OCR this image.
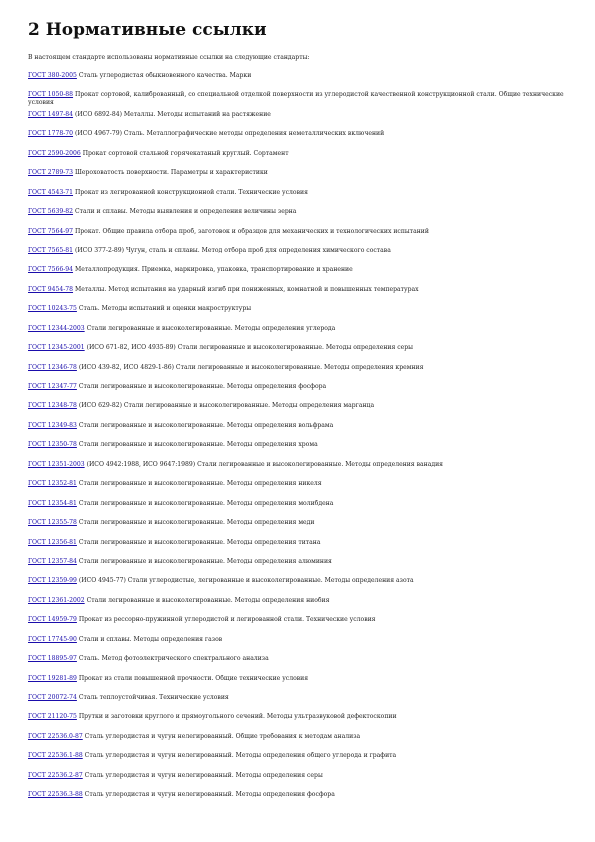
2 Нормативные ссылки

В настоящем стандарте использованы нормативные ссылки на следующие стандарты:

ГОСТ 380-2005 Сталь углеродистая обыкновенного качества. Марки
ГОСТ 1050-88 Прокат сортовой, калиброванный, со специальной отделкой поверхности из углеродистой качественной конструкционной стали. Общие технические условия
ГОСТ 1497-84 (ИСО 6892-84) Металлы. Методы испытаний на растяжение
ГОСТ 1778-70 (ИСО 4967-79) Сталь. Металлографические методы определения неметаллических включений
ГОСТ 2590-2006 Прокат сортовой стальной горячекатаный круглый. Сортамент
ГОСТ 2789-73 Шероховатость поверхности. Параметры и характеристики
ГОСТ 4543-71 Прокат из легированной конструкционной стали. Технические условия
ГОСТ 5639-82 Стали и сплавы. Методы выявления и определения величины зерна
ГОСТ 7564-97 Прокат. Общие правила отбора проб, заготовок и образцов для механических и технологических испытаний
ГОСТ 7565-81 (ИСО 377-2-89) Чугун, сталь и сплавы. Метод отбора проб для определения химического состава
ГОСТ 7566-94 Металлопродукция. Приемка, маркировка, упаковка, транспортирование и хранение
ГОСТ 9454-78 Металлы. Метод испытания на ударный изгиб при пониженных, комнатной и повышенных температурах
ГОСТ 10243-75 Сталь. Методы испытаний и оценки макроструктуры
ГОСТ 12344-2003 Стали легированные и высоколегированные. Методы определения углерода
ГОСТ 12345-2001 (ИСО 671-82, ИСО 4935-89) Стали легированные и высоколегированные. Методы определения серы
ГОСТ 12346-78 (ИСО 439-82, ИСО 4829-1-86) Стали легированные и высоколегированные. Методы определения кремния
ГОСТ 12347-77 Стали легированные и высоколегированные. Методы определения фосфора
ГОСТ 12348-78 (ИСО 629-82) Стали легированные и высоколегированные. Методы определения марганца
ГОСТ 12349-83 Стали легированные и высоколегированные. Методы определения вольфрама
ГОСТ 12350-78 Стали легированные и высоколегированные. Методы определения хрома
ГОСТ 12351-2003 (ИСО 4942:1988, ИСО 9647:1989) Стали легированные и высоколегированные. Методы определения ванадия
ГОСТ 12352-81 Стали легированные и высоколегированные. Методы определения никеля
ГОСТ 12354-81 Стали легированные и высоколегированные. Методы определения молибдена
ГОСТ 12355-78 Стали легированные и высоколегированные. Методы определения меди
ГОСТ 12356-81 Стали легированные и высоколегированные. Методы определения титана
ГОСТ 12357-84 Стали легированные и высоколегированные. Методы определения алюминия
ГОСТ 12359-99 (ИСО 4945-77) Стали углеродистые, легированные и высоколегированные. Методы определения азота
ГОСТ 12361-2002 Стали легированные и высоколегированные. Методы определения ниобия
ГОСТ 14959-79 Прокат из рессорно-пружинной углеродистой и легированной стали. Технические условия
ГОСТ 17745-90 Стали и сплавы. Методы определения газов
ГОСТ 18895-97 Сталь. Метод фотоэлектрического спектрального анализа
ГОСТ 19281-89 Прокат из стали повышенной прочности. Общие технические условия
ГОСТ 20072-74 Сталь теплоустойчивая. Технические условия
ГОСТ 21120-75 Прутки и заготовки круглого и прямоугольного сечений. Методы ультразвуковой дефектоскопии
ГОСТ 22536.0-87 Сталь углеродистая и чугун нелегированный. Общие требования к методам анализа
ГОСТ 22536.1-88 Сталь углеродистая и чугун нелегированный. Методы определения общего углерода и графита
ГОСТ 22536.2-87 Сталь углеродистая и чугун нелегированный. Методы определения серы
ГОСТ 22536.3-88 Сталь углеродистая и чугун нелегированный. Методы определения фосфора
